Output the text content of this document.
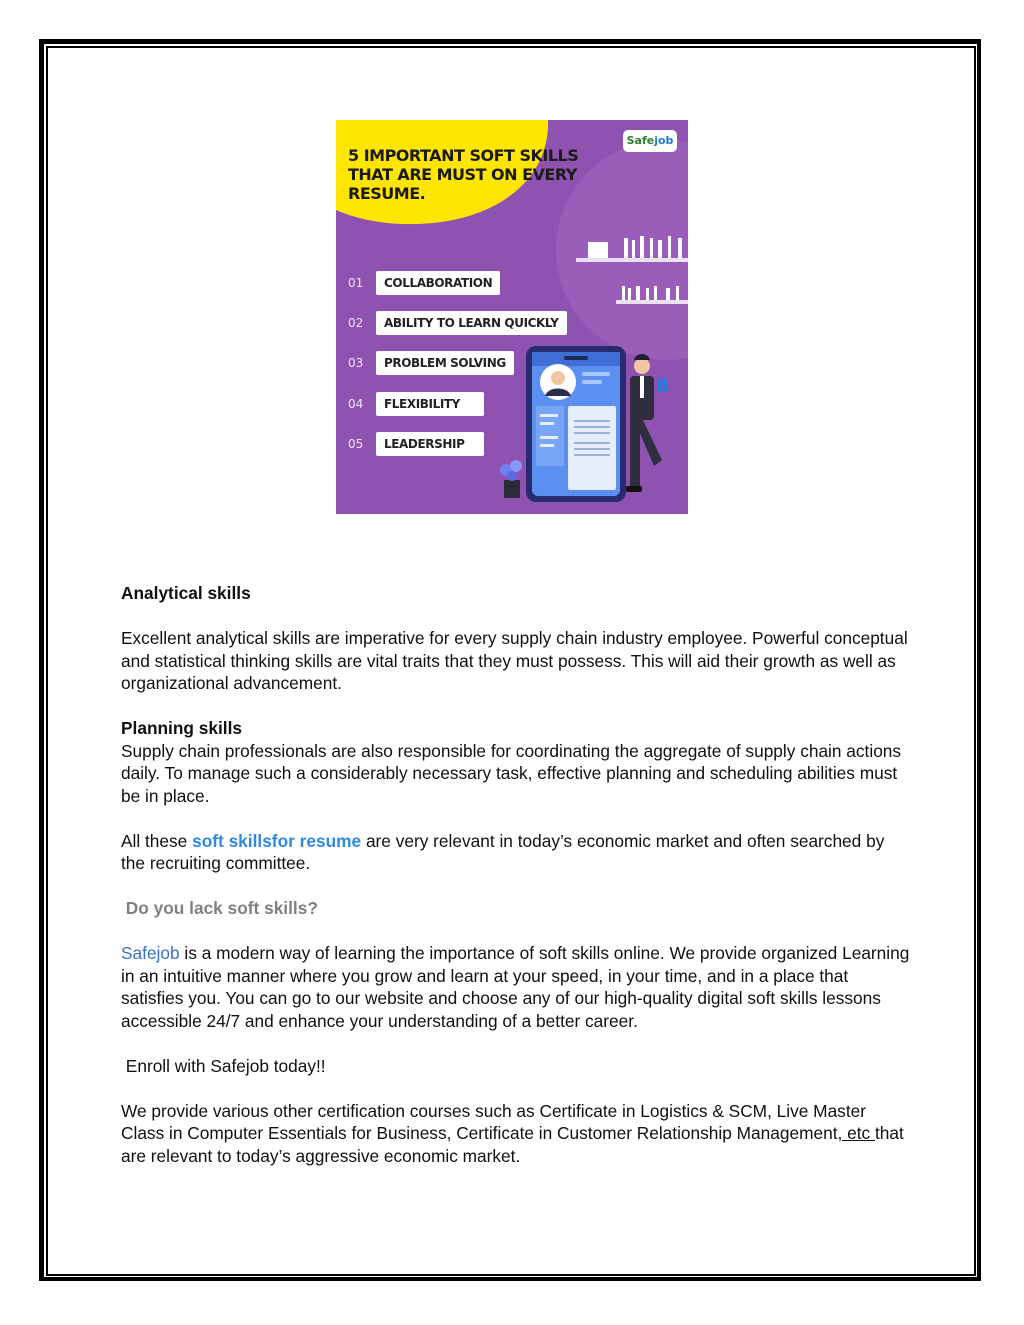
5 IMPORTANT SOFT SKILLS
THAT ARE MUST ON EVERY
RESUME.
Safejob
01	COLLABORATION
02	ABILITY TO LEARN QUICKLY
03	PROBLEM SOLVING
04	FLEXIBILITY
05	LEADERSHIP

Analytical skills

Excellent analytical skills are imperative for every supply chain industry employee. Powerful conceptual and statistical thinking skills are vital traits that they must possess. This will aid their growth as well as organizational advancement.

Planning skills

Supply chain professionals are also responsible for coordinating the aggregate of supply chain actions daily. To manage such a considerably necessary task, effective planning and scheduling abilities must be in place.

All these soft skillsfor resume are very relevant in today’s economic market and often searched by the recruiting committee.

Do you lack soft skills?

Safejob is a modern way of learning the importance of soft skills online. We provide organized Learning in an intuitive manner where you grow and learn at your speed, in your time, and in a place that satisfies you. You can go to our website and choose any of our high-quality digital soft skills lessons accessible 24/7 and enhance your understanding of a better career.

Enroll with Safejob today!!

We provide various other certification courses such as Certificate in Logistics & SCM, Live Master Class in Computer Essentials for Business, Certificate in Customer Relationship Management, etc that are relevant to today’s aggressive economic market.
